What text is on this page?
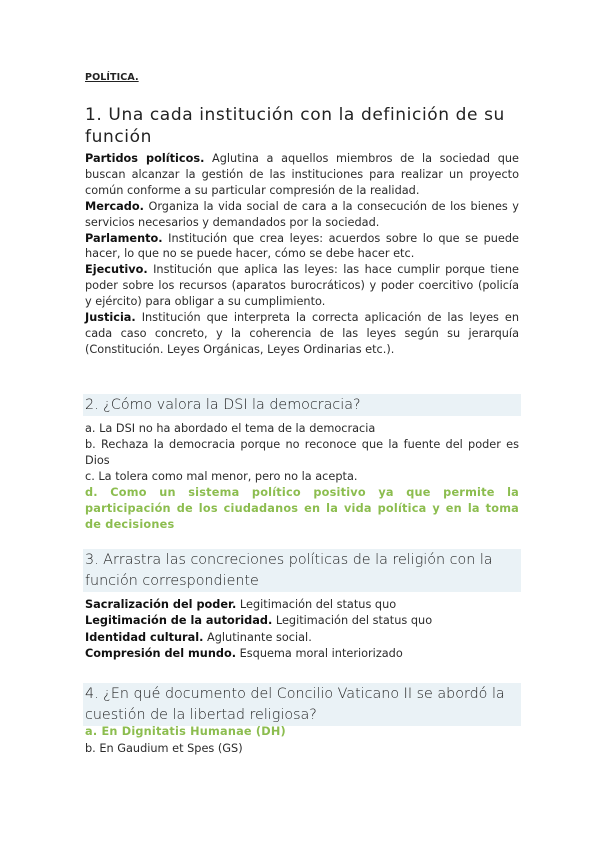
POLÍTICA.
1. Una cada institución con la definición de su función
Partidos políticos. Aglutina a aquellos miembros de la sociedad que buscan alcanzar la gestión de las instituciones para realizar un proyecto común conforme a su particular compresión de la realidad.
Mercado. Organiza la vida social de cara a la consecución de los bienes y servicios necesarios y demandados por la sociedad.
Parlamento. Institución que crea leyes: acuerdos sobre lo que se puede hacer, lo que no se puede hacer, cómo se debe hacer etc.
Ejecutivo. Institución que aplica las leyes: las hace cumplir porque tiene poder sobre los recursos (aparatos burocráticos) y poder coercitivo (policía y ejército) para obligar a su cumplimiento.
Justicia. Institución que interpreta la correcta aplicación de las leyes en cada caso concreto, y la coherencia de las leyes según su jerarquía (Constitución. Leyes Orgánicas, Leyes Ordinarias etc.).
2. ¿Cómo valora la DSI la democracia?
a. La DSI no ha abordado el tema de la democracia
b. Rechaza la democracia porque no reconoce que la fuente del poder es Dios
c. La tolera como mal menor, pero no la acepta.
d. Como un sistema político positivo ya que permite la participación de los ciudadanos en la vida política y en la toma de decisiones
3. Arrastra las concreciones políticas de la religión con la función correspondiente
Sacralización del poder. Legitimación del status quo
Legitimación de la autoridad. Legitimación del status quo
Identidad cultural. Aglutinante social.
Compresión del mundo. Esquema moral interiorizado
4. ¿En qué documento del Concilio Vaticano II se abordó la cuestión de la libertad religiosa?
a. En Dignitatis Humanae (DH)
b. En Gaudium et Spes (GS)
